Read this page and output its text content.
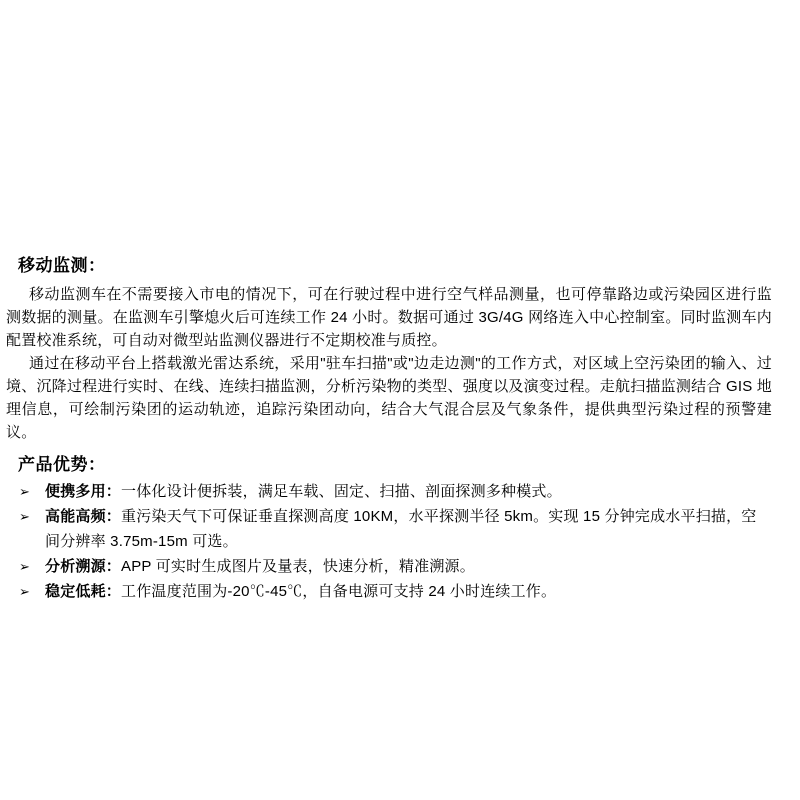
移动监测：

移动监测车在不需要接入市电的情况下，可在行驶过程中进行空气样品测量，也可停靠路边或污染园区进行监测数据的测量。在监测车引擎熄火后可连续工作 24 小时。数据可通过 3G/4G 网络连入中心控制室。同时监测车内配置校准系统，可自动对微型站监测仪器进行不定期校准与质控。

通过在移动平台上搭载激光雷达系统，采用"驻车扫描"或"边走边测"的工作方式，对区域上空污染团的输入、过境、沉降过程进行实时、在线、连续扫描监测，分析污染物的类型、强度以及演变过程。走航扫描监测结合 GIS 地理信息，可绘制污染团的运动轨迹，追踪污染团动向，结合大气混合层及气象条件，提供典型污染过程的预警建议。

产品优势：
➢	便携多用：一体化设计便拆装，满足车载、固定、扫描、剖面探测多种模式。
➢	高能高频：重污染天气下可保证垂直探测高度 10KM，水平探测半径 5km。实现 15 分钟完成水平扫描，空间分辨率 3.75m-15m 可选。
➢	分析溯源：APP 可实时生成图片及量表，快速分析，精准溯源。
➢	稳定低耗：工作温度范围为-20℃-45℃，自备电源可支持 24 小时连续工作。
